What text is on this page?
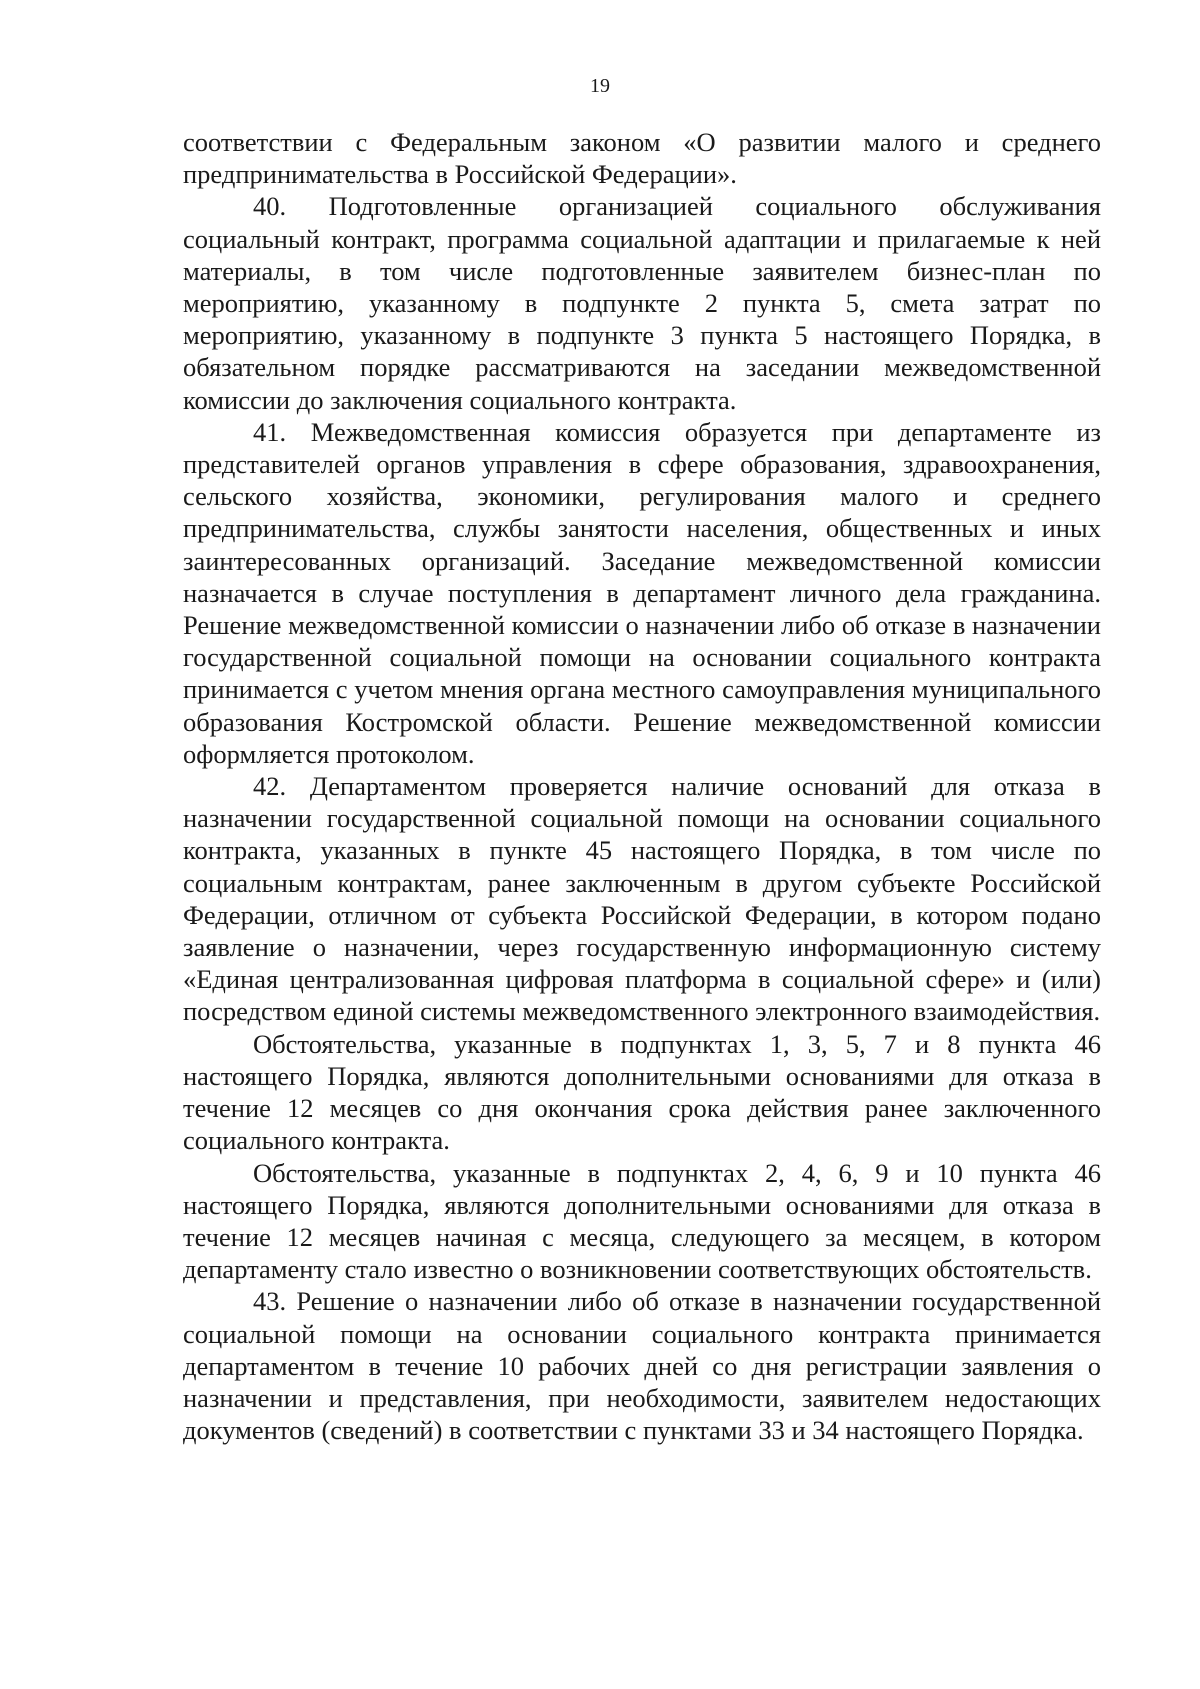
19

соответствии с Федеральным законом «О развитии малого и среднего предпринимательства в Российской Федерации».

40. Подготовленные организацией социального обслуживания социальный контракт, программа социальной адаптации и прилагаемые к ней материалы, в том числе подготовленные заявителем бизнес-план по мероприятию, указанному в подпункте 2 пункта 5, смета затрат по мероприятию, указанному в подпункте 3 пункта 5 настоящего Порядка, в обязательном порядке рассматриваются на заседании межведомственной комиссии до заключения социального контракта.

41. Межведомственная комиссия образуется при департаменте из представителей органов управления в сфере образования, здравоохранения, сельского хозяйства, экономики, регулирования малого и среднего предпринимательства, службы занятости населения, общественных и иных заинтересованных организаций. Заседание межведомственной комиссии назначается в случае поступления в департамент личного дела гражданина. Решение межведомственной комиссии о назначении либо об отказе в назначении государственной социальной помощи на основании социального контракта принимается с учетом мнения органа местного самоуправления муниципального образования Костромской области. Решение межведомственной комиссии оформляется протоколом.

42. Департаментом проверяется наличие оснований для отказа в назначении государственной социальной помощи на основании социального контракта, указанных в пункте 45 настоящего Порядка, в том числе по социальным контрактам, ранее заключенным в другом субъекте Российской Федерации, отличном от субъекта Российской Федерации, в котором подано заявление о назначении, через государственную информационную систему «Единая централизованная цифровая платформа в социальной сфере» и (или) посредством единой системы межведомственного электронного взаимодействия.

Обстоятельства, указанные в подпунктах 1, 3, 5, 7 и 8 пункта 46 настоящего Порядка, являются дополнительными основаниями для отказа в течение 12 месяцев со дня окончания срока действия ранее заключенного социального контракта.

Обстоятельства, указанные в подпунктах 2, 4, 6, 9 и 10 пункта 46 настоящего Порядка, являются дополнительными основаниями для отказа в течение 12 месяцев начиная с месяца, следующего за месяцем, в котором департаменту стало известно о возникновении соответствующих обстоятельств.

43. Решение о назначении либо об отказе в назначении государственной социальной помощи на основании социального контракта принимается департаментом в течение 10 рабочих дней со дня регистрации заявления о назначении и представления, при необходимости, заявителем недостающих документов (сведений) в соответствии с пунктами 33 и 34 настоящего Порядка.
